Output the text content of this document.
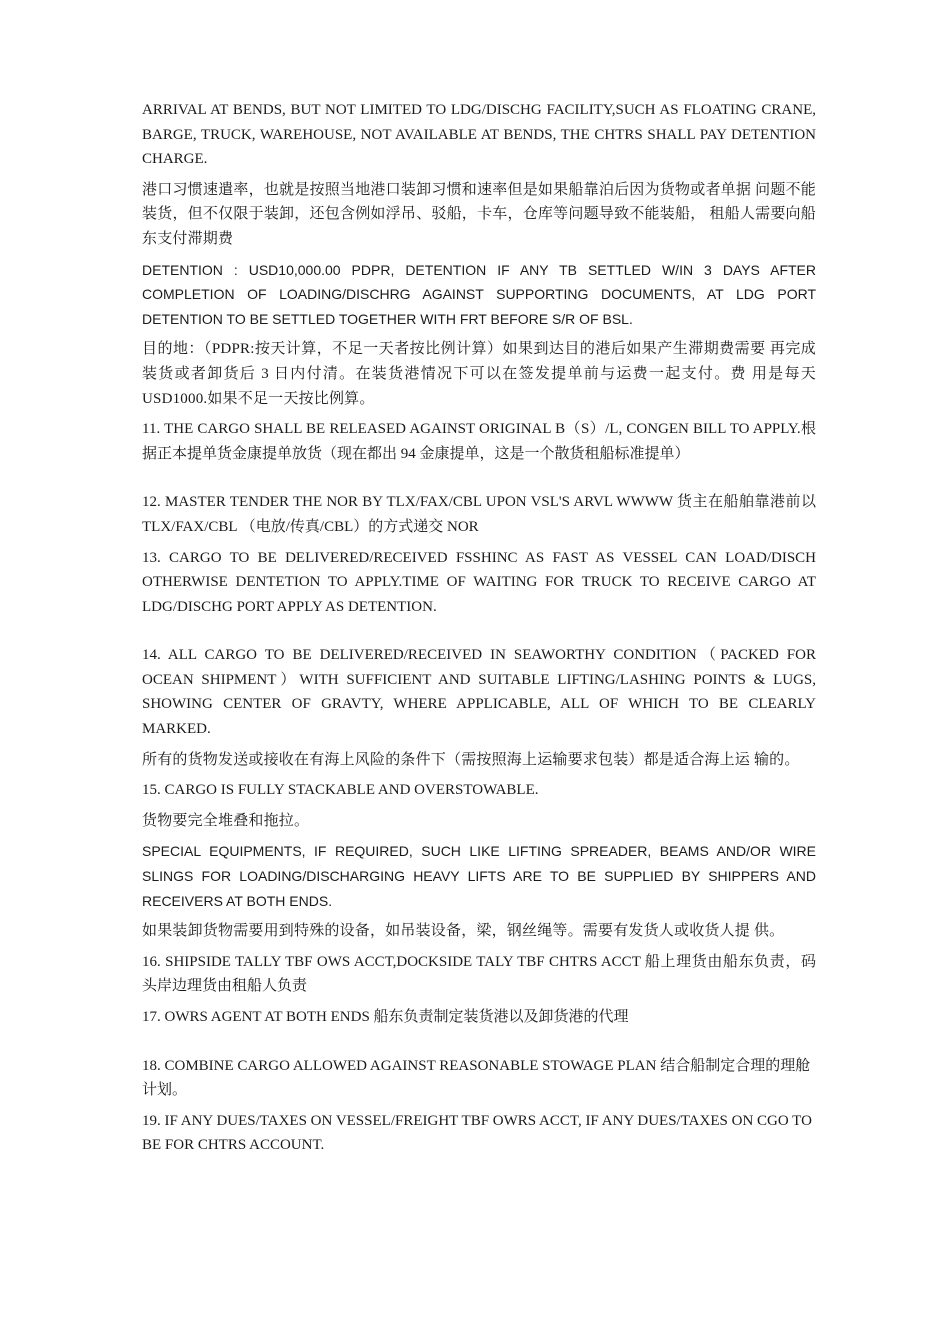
ARRIVAL AT BENDS, BUT NOT LIMITED TO LDG/DISCHG FACILITY,SUCH AS FLOATING CRANE, BARGE, TRUCK, WAREHOUSE, NOT AVAILABLE AT BENDS, THE CHTRS SHALL PAY DETENTION CHARGE.

港口习惯速遣率，也就是按照当地港口装卸习惯和速率但是如果船靠泊后因为货物或者单据 问题不能装货，但不仅限于装卸，还包含例如浮吊、驳船，卡车，仓库等问题导致不能装船， 租船人需要向船东支付滞期费

DETENTION : USD10,000.00 PDPR, DETENTION IF ANY TB SETTLED W/IN 3 DAYS AFTER COMPLETION OF LOADING/DISCHRG AGAINST SUPPORTING DOCUMENTS, AT LDG PORT DETENTION TO BE SETTLED TOGETHER WITH FRT BEFORE S/R OF BSL.

目的地：（PDPR:按天计算，不足一天者按比例计算）如果到达目的港后如果产生滞期费需要 再完成装货或者卸货后 3 日内付清。在装货港情况下可以在签发提单前与运费一起支付。费 用是每天 USD1000.如果不足一天按比例算。

11. THE CARGO SHALL BE RELEASED AGAINST ORIGINAL B（S）/L, CONGEN BILL TO APPLY.根据正本提单货金康提单放货（现在都出 94 金康提单，这是一个散货租船标准提单）

12. MASTER TENDER THE NOR BY TLX/FAX/CBL UPON VSL'S ARVL WWWW 货主在船舶靠港前以 TLX/FAX/CBL （电放/传真/CBL）的方式递交 NOR

13. CARGO TO BE DELIVERED/RECEIVED FSSHINC AS FAST AS VESSEL CAN LOAD/DISCH OTHERWISE DENTETION TO APPLY.TIME OF WAITING FOR TRUCK TO RECEIVE CARGO AT LDG/DISCHG PORT APPLY AS DETENTION.

14. ALL CARGO TO BE DELIVERED/RECEIVED IN SEAWORTHY CONDITION（PACKED FOR OCEAN SHIPMENT）WITH SUFFICIENT AND SUITABLE LIFTING/LASHING POINTS & LUGS, SHOWING CENTER OF GRAVTY, WHERE APPLICABLE, ALL OF WHICH TO BE CLEARLY MARKED.

所有的货物发送或接收在有海上风险的条件下（需按照海上运输要求包装）都是适合海上运 输的。

15. CARGO IS FULLY STACKABLE AND OVERSTOWABLE.

货物要完全堆叠和拖拉。

SPECIAL EQUIPMENTS, IF REQUIRED, SUCH LIKE LIFTING SPREADER, BEAMS AND/OR WIRE SLINGS FOR LOADING/DISCHARGING HEAVY LIFTS ARE TO BE SUPPLIED BY SHIPPERS AND RECEIVERS AT BOTH ENDS.

如果装卸货物需要用到特殊的设备，如吊装设备，梁，钢丝绳等。需要有发货人或收货人提 供。

16. SHIPSIDE TALLY TBF OWS ACCT,DOCKSIDE TALY TBF CHTRS ACCT 船上理货由船东负责，码头岸边理货由租船人负责

17. OWRS AGENT AT BOTH ENDS 船东负责制定装货港以及卸货港的代理

18. COMBINE CARGO ALLOWED AGAINST REASONABLE STOWAGE PLAN 结合船制定合理的理舱计划。

19. IF ANY DUES/TAXES ON VESSEL/FREIGHT TBF OWRS ACCT, IF ANY DUES/TAXES ON CGO TO BE FOR CHTRS ACCOUNT.
